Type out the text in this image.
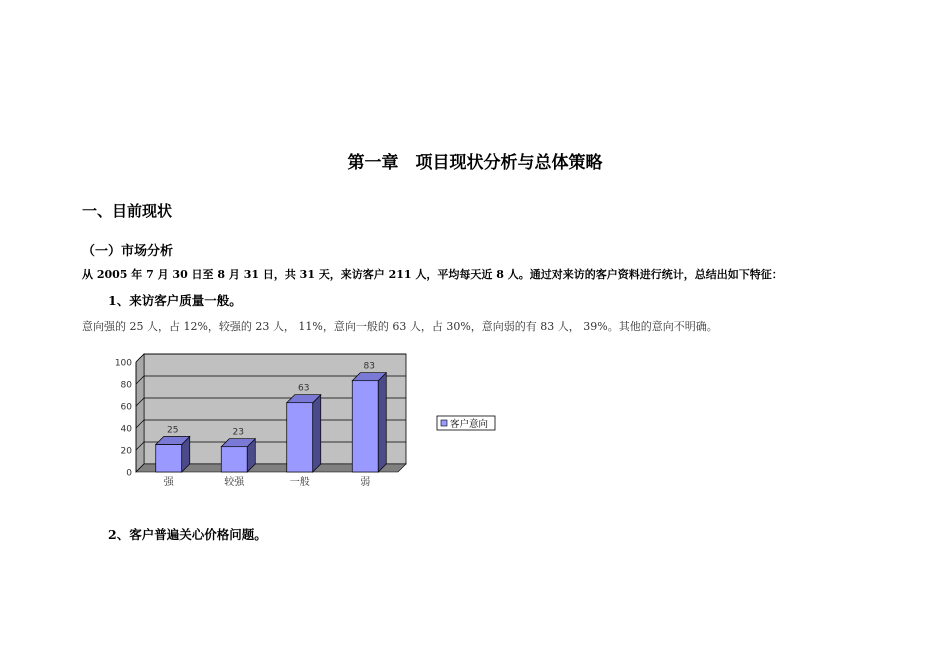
第一章　项目现状分析与总体策略
一、目前现状
（一）市场分析
从 2005 年 7 月 30 日至 8 月 31 日，共 31 天，来访客户 211 人，平均每天近 8 人。通过对来访的客户资料进行统计，总结出如下特征：
1、来访客户质量一般。
意向强的 25 人，占 12%，较强的 23 人， 11%，意向一般的 63 人，占 30%，意向弱的有 83 人， 39%。其他的意向不明确。
0
20
40
60
80
100
25
强
23
较强
63
一般
83
弱
客户意向
2、客户普遍关心价格问题。
